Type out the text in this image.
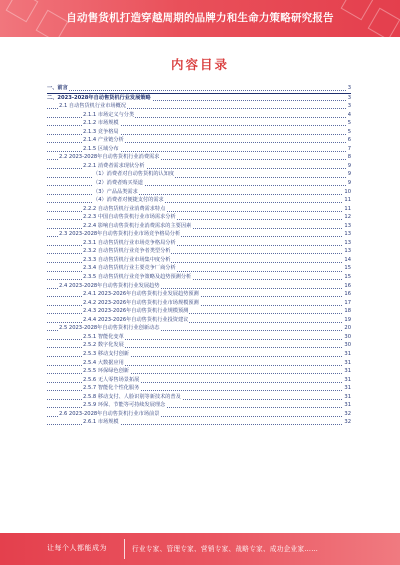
自动售货机打造穿越周期的品牌力和生命力策略研究报告
内容目录
一、前言	3
二、2023-2028年自动售货机行业发展策略	3
2.1 自动售货机行业市场概况	3
2.1.1 市场定义与分类	4
2.1.2 市场规模	5
2.1.3 竞争格局	5
2.1.4 产业链分析	6
2.1.5 区域分布	7
2.2 2023-2028年自动售货机行业消费需求	8
2.2.1 消费者需求现状分析	9
（1）消费者对自动售货机的认知度	9
（2）消费者购买渠道	9
（3）产品品类需求	10
（4）消费者对便捷支付的需求	11
2.2.2 自动售货机行业消费需求特点	11
2.2.3 中国自动售货机行业市场需求分析	12
2.2.4 影响自动售货机行业消费需求的主要因素	13
2.3 2023-2028年自动售货机行业市场竞争格局分析	13
2.3.1 自动售货机行业市场竞争格局分析	13
2.3.2 自动售货机行业竞争者类型分析	13
2.3.3 自动售货机行业市场集中度分析	14
2.3.4 自动售货机行业主要竞争厂商分析	15
2.3.5 自动售货机行业竞争策略及趋势预测分析	15
2.4 2023-2028年自动售货机行业发展趋势	16
2.4.1 2023-2026年自动售货机行业发展趋势预测	16
2.4.2 2023-2026年自动售货机行业市场规模预测	17
2.4.3 2023-2026年自动售货机行业规模预测	18
2.4.4 2023-2026年自动售货机行业投资建议	19
2.5 2023-2028年自动售货机行业创新动态	20
2.5.1 智能化变革	30
2.5.2 数字化发展	30
2.5.3 移动支付创新	31
2.5.4 大数据应用	31
2.5.5 环保绿色创新	31
2.5.6 无人零售场景拓展	31
2.5.7 智能化个性化服务	31
2.5.8 移动支付、人脸识别等新技术的普及	31
2.5.9 环保、节能等可持续发展理念	31
2.6 2023-2028年自动售货机行业市场前景	32
2.6.1 市场规模	32
让每个人都能成为	行业专家、管理专家、营销专家、战略专家、成功企业家……
